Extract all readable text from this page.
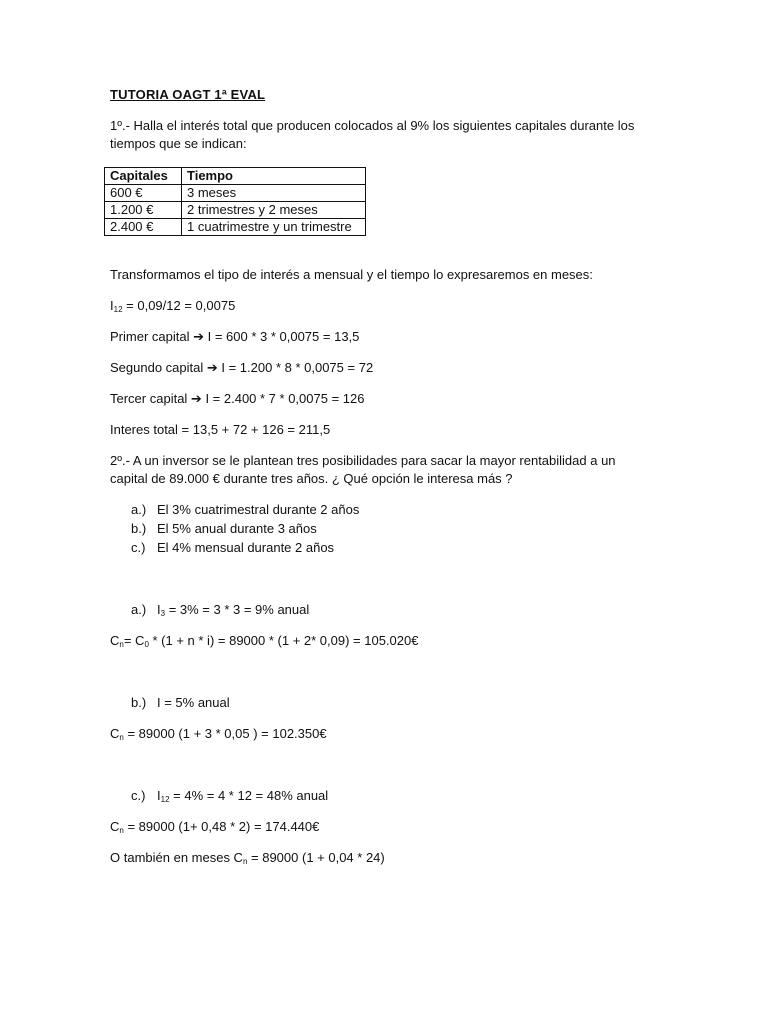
TUTORIA OAGT 1ª EVAL
1º.- Halla el interés total que producen colocados al 9% los siguientes capitales durante los tiempos que se indican:
Capitales	Tiempo
600 €	3 meses
1.200 €	2 trimestres y 2 meses
2.400 €	1 cuatrimestre y un trimestre
Transformamos el tipo de interés a mensual y el tiempo lo expresaremos en meses:
$I_{12} = 0,09/12 = 0,0075$
Primer capital ➔ I = 600 * 3 * 0,0075 = 13,5
Segundo capital ➔ I = 1.200 * 8 * 0,0075 = 72
Tercer capital ➔ I = 2.400 * 7 * 0,0075 = 126
Interes total = 13,5 + 72 + 126 = 211,5
2º.- A un inversor se le plantean tres posibilidades para sacar la mayor rentabilidad a un capital de 89.000 € durante tres años. ¿ Qué opción le interesa más ?
a.) El 3% cuatrimestral durante 2 años
b.) El 5% anual durante 3 años
c.) El 4% mensual durante 2 años
a.) $I_3 = 3\% = 3 * 3 = 9\%$ anual
$C_n= C_0 * (1 + n * i) = 89000 * (1 + 2*$ 0,09) = 105.020€
b.) I = 5% anual
$C_n = 89000$ (1 + 3 * 0,05 ) = 102.350€
c.) $I_{12} = 4\% = 4 * 12 = 48\%$ anual
$C_n = 89000$ (1+ 0,48 * 2) = 174.440€
O también en meses $C_n = 89000$ (1 + 0,04 * 24)
